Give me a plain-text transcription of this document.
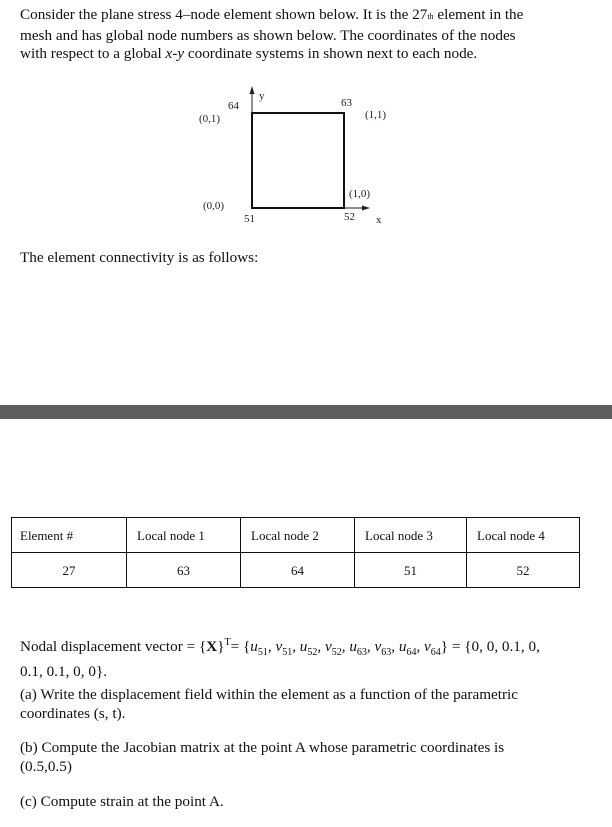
Consider the plane stress 4–node element shown below. It is the 27th element in the
mesh and has global node numbers as shown below. The coordinates of the nodes
with respect to a global x-y coordinate systems in shown next to each node.
y
x
64
(0,1)
63
(1,1)
51
(0,0)
52
(1,0)
The element connectivity is as follows:
Element #	Local node 1	Local node 2	Local node 3	Local node 4
27	63	64	51	52
Nodal displacement vector = $\{X\}^T= \{u_{51}$, $v_{51}$, $u_{52}$, $v_{52}$, $u_{63}$, $v_{63}$, $u_{64}$, $v_{64}\} = \{0$, 0, 0.1, 0,
0.1, 0.1, 0, 0}.
(a) Write the displacement field within the element as a function of the parametric
coordinates (s, t).
(b) Compute the Jacobian matrix at the point A whose parametric coordinates is
(0.5,0.5)
(c) Compute strain at the point A.
